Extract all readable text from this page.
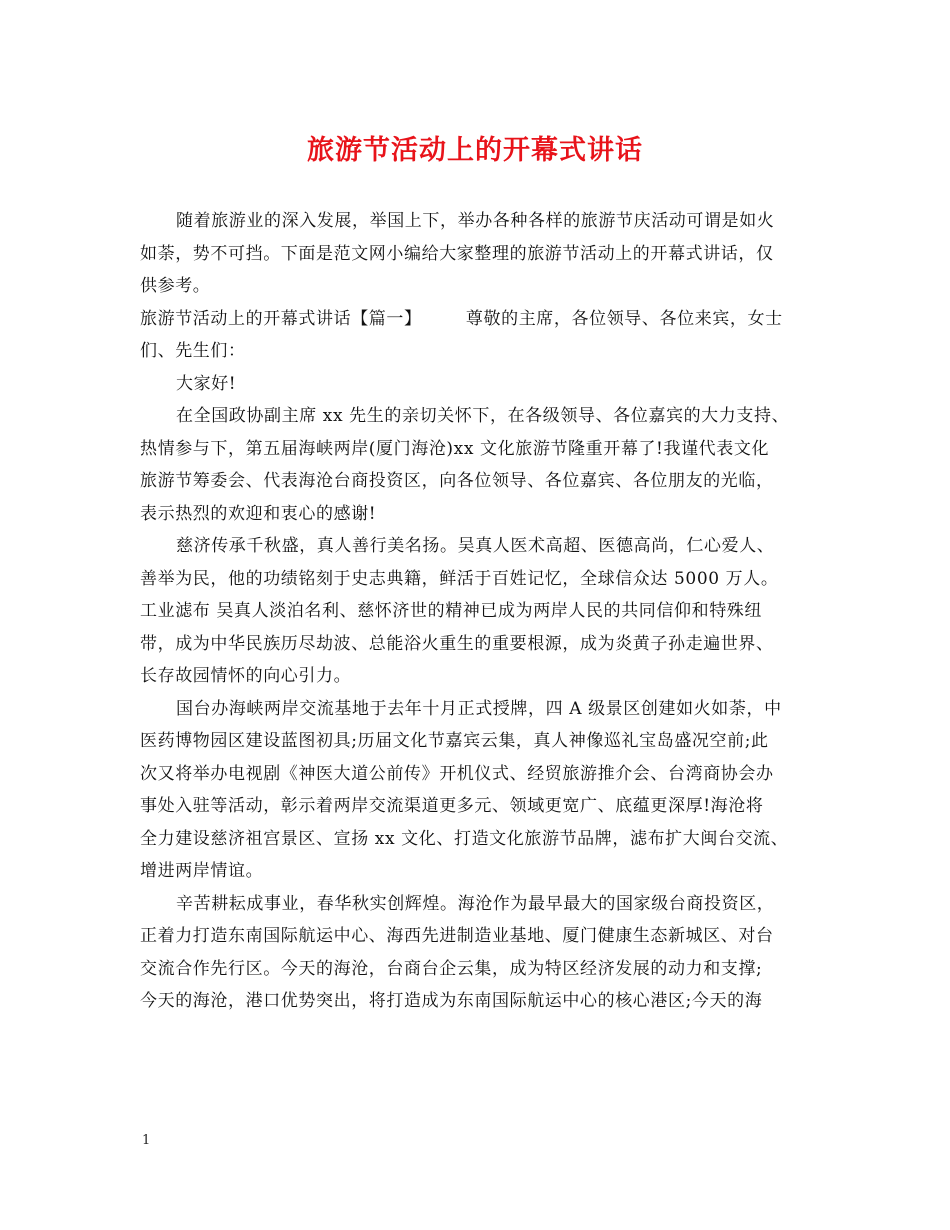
旅游节活动上的开幕式讲话
随着旅游业的深入发展，举国上下，举办各种各样的旅游节庆活动可谓是如火
如荼，势不可挡。下面是范文网小编给大家整理的旅游节活动上的开幕式讲话，仅
供参考。
旅游节活动上的开幕式讲话【篇一】　　　尊敬的主席，各位领导、各位来宾，女士
们、先生们：
大家好!
在全国政协副主席 xx 先生的亲切关怀下，在各级领导、各位嘉宾的大力支持、
热情参与下，第五届海峡两岸(厦门海沧)xx 文化旅游节隆重开幕了!我谨代表文化
旅游节筹委会、代表海沧台商投资区，向各位领导、各位嘉宾、各位朋友的光临，
表示热烈的欢迎和衷心的感谢!
慈济传承千秋盛，真人善行美名扬。吴真人医术高超、医德高尚，仁心爱人、
善举为民，他的功绩铭刻于史志典籍，鲜活于百姓记忆，全球信众达 5000 万人。
工业滤布 吴真人淡泊名利、慈怀济世的精神已成为两岸人民的共同信仰和特殊纽
带，成为中华民族历尽劫波、总能浴火重生的重要根源，成为炎黄子孙走遍世界、
长存故园情怀的向心引力。
国台办海峡两岸交流基地于去年十月正式授牌，四 A 级景区创建如火如荼，中
医药博物园区建设蓝图初具;历届文化节嘉宾云集，真人神像巡礼宝岛盛况空前;此
次又将举办电视剧《神医大道公前传》开机仪式、经贸旅游推介会、台湾商协会办
事处入驻等活动，彰示着两岸交流渠道更多元、领域更宽广、底蕴更深厚!海沧将
全力建设慈济祖宫景区、宣扬 xx 文化、打造文化旅游节品牌，滤布扩大闽台交流、
增进两岸情谊。
辛苦耕耘成事业，春华秋实创辉煌。海沧作为最早最大的国家级台商投资区，
正着力打造东南国际航运中心、海西先进制造业基地、厦门健康生态新城区、对台
交流合作先行区。今天的海沧，台商台企云集，成为特区经济发展的动力和支撑;
今天的海沧，港口优势突出，将打造成为东南国际航运中心的核心港区;今天的海
1
